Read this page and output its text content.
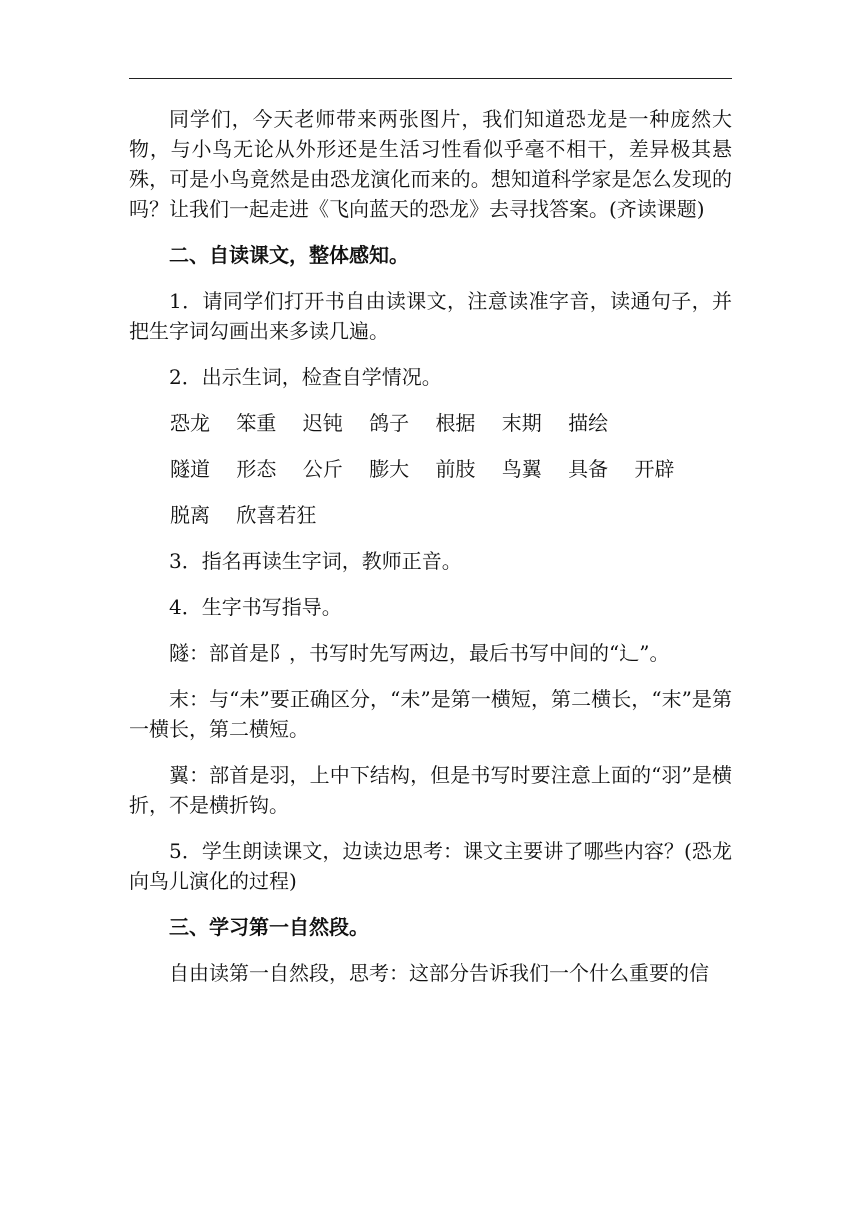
同学们，今天老师带来两张图片，我们知道恐龙是一种庞然大物，与小鸟无论从外形还是生活习性看似乎毫不相干，差异极其悬殊，可是小鸟竟然是由恐龙演化而来的。想知道科学家是怎么发现的吗？让我们一起走进《飞向蓝天的恐龙》去寻找答案。(齐读课题)

二、自读课文，整体感知。

1．请同学们打开书自由读课文，注意读准字音，读通句子，并把生字词勾画出来多读几遍。

2．出示生词，检查自学情况。

恐龙 笨重 迟钝 鸽子 根据 末期 描绘

隧道 形态 公斤 膨大 前肢 鸟翼 具备 开辟

脱离 欣喜若狂

3．指名再读生字词，教师正音。

4．生字书写指导。

隧：部首是阝，书写时先写两边，最后书写中间的“辶”。

末：与“未”要正确区分，“未”是第一横短，第二横长，“末”是第一横长，第二横短。

翼：部首是羽，上中下结构，但是书写时要注意上面的“羽”是横折，不是横折钩。

5．学生朗读课文，边读边思考：课文主要讲了哪些内容？(恐龙向鸟儿演化的过程)

三、学习第一自然段。

自由读第一自然段，思考：这部分告诉我们一个什么重要的信
